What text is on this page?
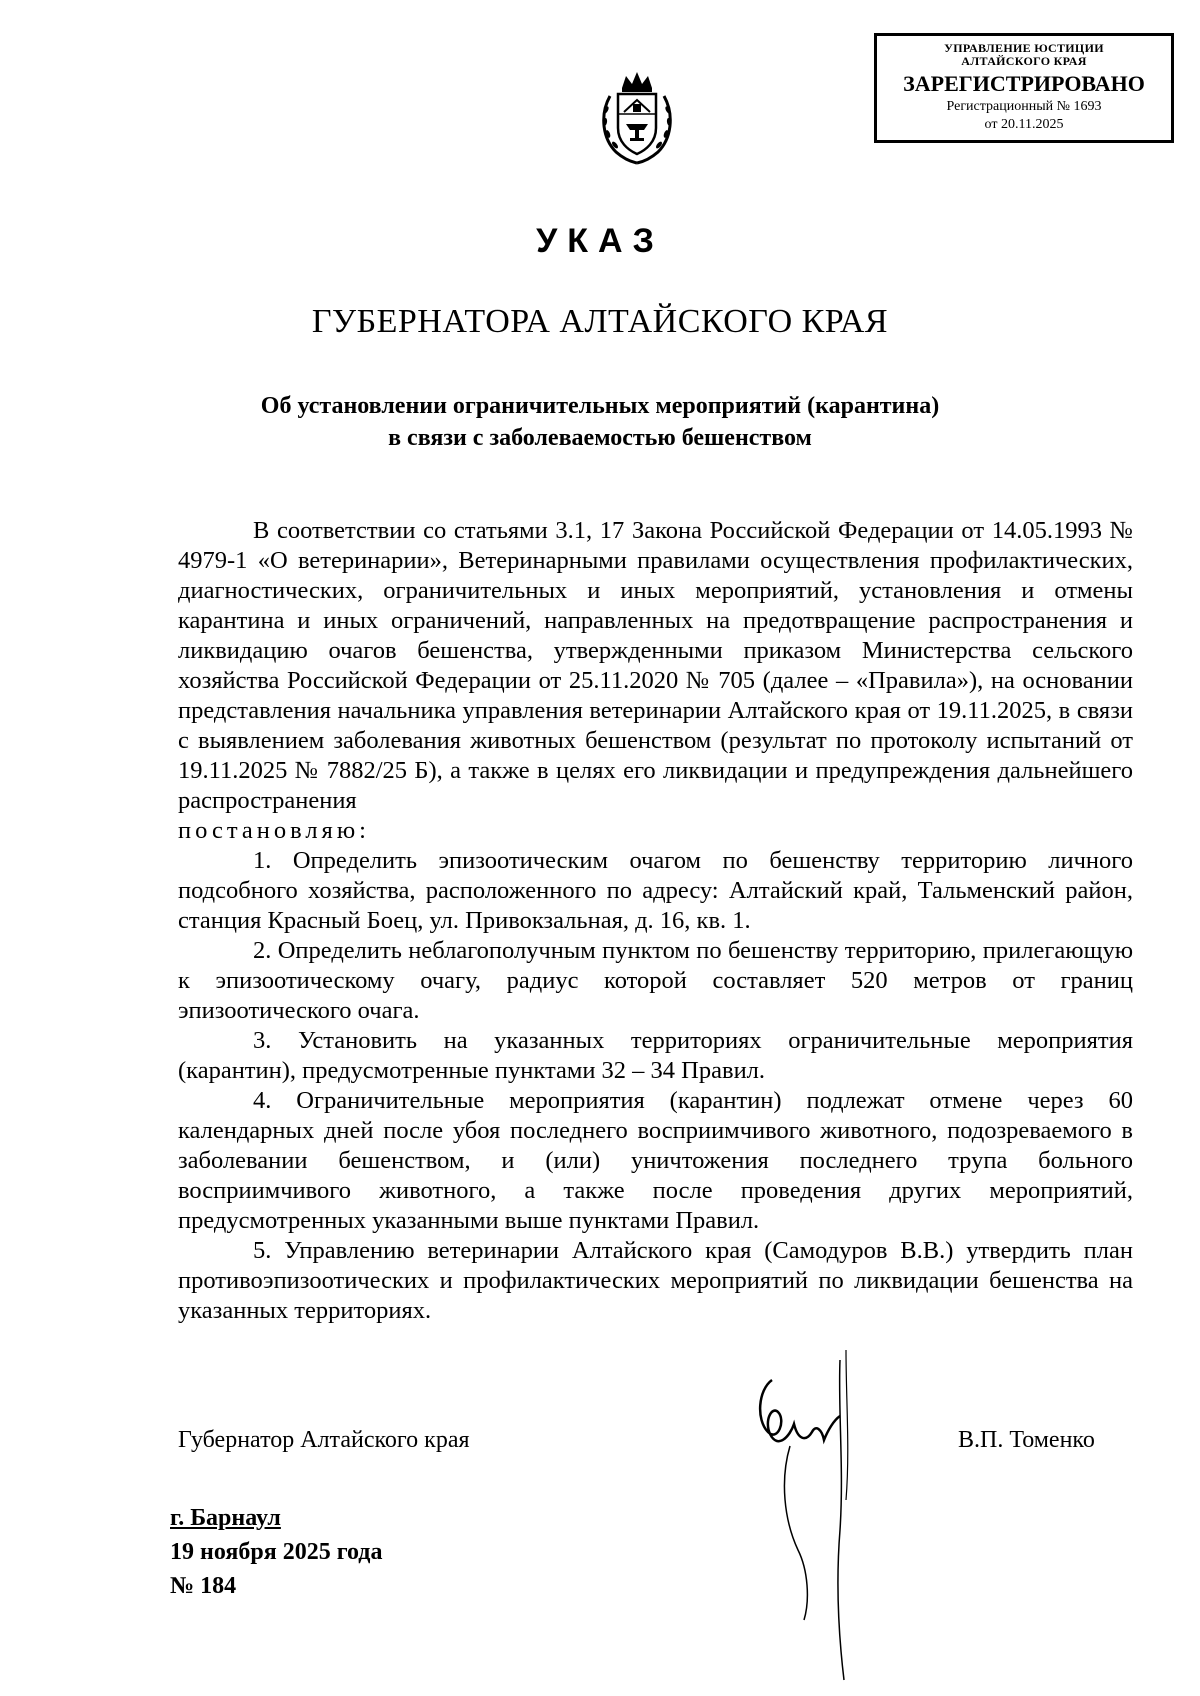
УПРАВЛЕНИЕ ЮСТИЦИИ
АЛТАЙСКОГО КРАЯ
ЗАРЕГИСТРИРОВАНО
Регистрационный № 1693
от 20.11.2025
УКАЗ
ГУБЕРНАТОРА АЛТАЙСКОГО КРАЯ
Об установлении ограничительных мероприятий (карантина)
в связи с заболеваемостью бешенством

В соответствии со статьями 3.1, 17 Закона Российской Федерации от 14.05.1993 № 4979-1 «О ветеринарии», Ветеринарными правилами осуществления профилактических, диагностических, ограничительных и иных мероприятий, установления и отмены карантина и иных ограничений, направленных на предотвращение распространения и ликвидацию очагов бешенства, утвержденными приказом Министерства сельского хозяйства Российской Федерации от 25.11.2020 № 705 (далее – «Правила»), на основании представления начальника управления ветеринарии Алтайского края от 19.11.2025, в связи с выявлением заболевания животных бешенством (результат по протоколу испытаний от 19.11.2025 № 7882/25 Б), а также в целях его ликвидации и предупреждения дальнейшего распространения

постановляю:

1. Определить эпизоотическим очагом по бешенству территорию личного подсобного хозяйства, расположенного по адресу: Алтайский край, Тальменский район, станция Красный Боец, ул. Привокзальная, д. 16, кв. 1.

2. Определить неблагополучным пунктом по бешенству территорию, прилегающую к эпизоотическому очагу, радиус которой составляет 520 метров от границ эпизоотического очага.

3. Установить на указанных территориях ограничительные мероприятия (карантин), предусмотренные пунктами 32 – 34 Правил.

4. Ограничительные мероприятия (карантин) подлежат отмене через 60 календарных дней после убоя последнего восприимчивого животного, подозреваемого в заболевании бешенством, и (или) уничтожения последнего трупа больного восприимчивого животного, а также после проведения других мероприятий, предусмотренных указанными выше пунктами Правил.

5. Управлению ветеринарии Алтайского края (Самодуров В.В.) утвердить план противоэпизоотических и профилактических мероприятий по ликвидации бешенства на указанных территориях.

Губернатор Алтайского края	В.П. Томенко
г. Барнаул
19 ноября 2025 года
№ 184
